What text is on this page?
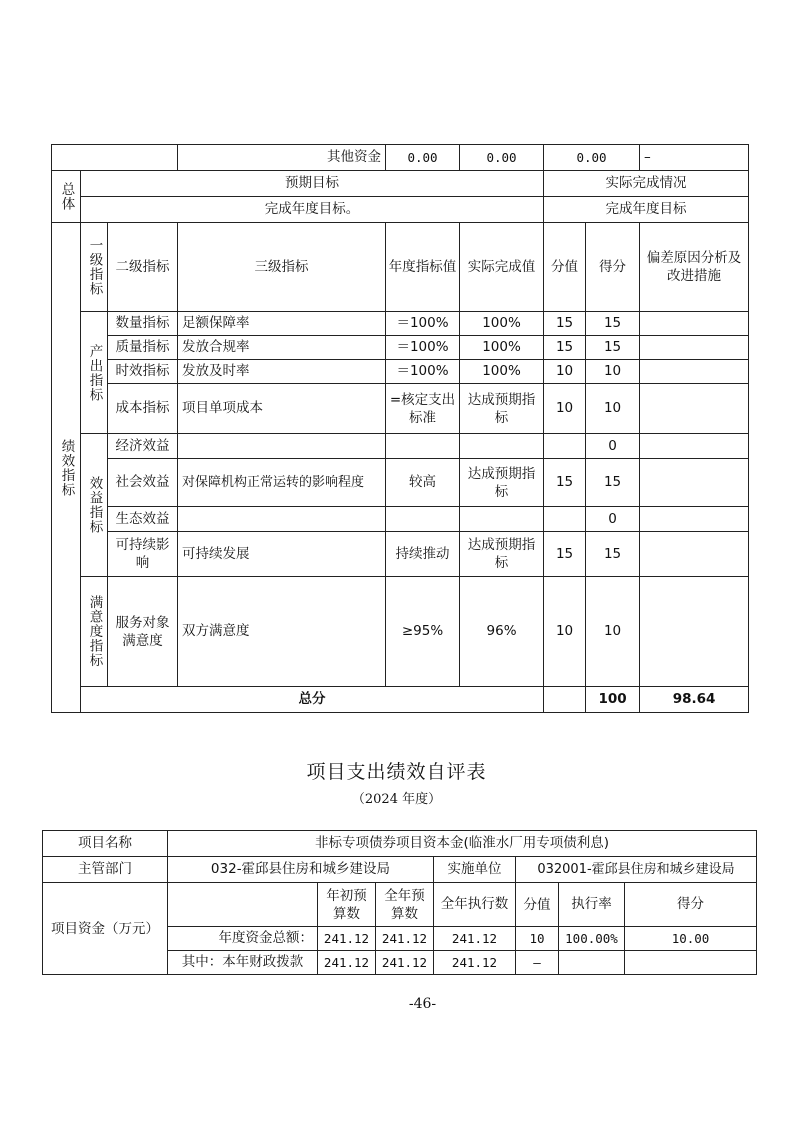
			其他资金	0.00	0.00	0.00		–	

总体	预期目标					实际完成情况			
	完成年度目标。					完成年度目标			

绩效指标	一级指标	二级指标	三级指标	年度指标值	实际完成值	分值	得分	偏差原因分析及改进措施	

	产出指标	数量指标	足额保障率	＝100%	100%	15	15		
		质量指标	发放合规率	＝100%	100%	15	15		
		时效指标	发放及时率	＝100%	100%	10	10		
		成本指标	项目单项成本	=核定支出标准	达成预期指标	10	10		

	效益指标	经济效益					0		
		社会效益	对保障机构正常运转的影响程度	较高	达成预期指标	15	15		
		生态效益					0		
		可持续影响	可持续发展	持续推动	达成预期指标	15	15		

	满意度指标	服务对象满意度	双方满意度	≥95%	96%	10	10		
	总分						100	98.64	
项目支出绩效自评表
（2024 年度）
项目名称	非标专项债券项目资本金(临淮水厂用专项债利息)						
主管部门	032-霍邱县住房和城乡建设局			实施单位	032001-霍邱县住房和城乡建设局		
项目资金（万元）		年初预算数	全年预算数	全年执行数	分值	执行率	得分
	年度资金总额：	241.12	241.12	241.12	10	100.00%	10.00
	其中：本年财政拨款	241.12	241.12	241.12	–		
-46-
